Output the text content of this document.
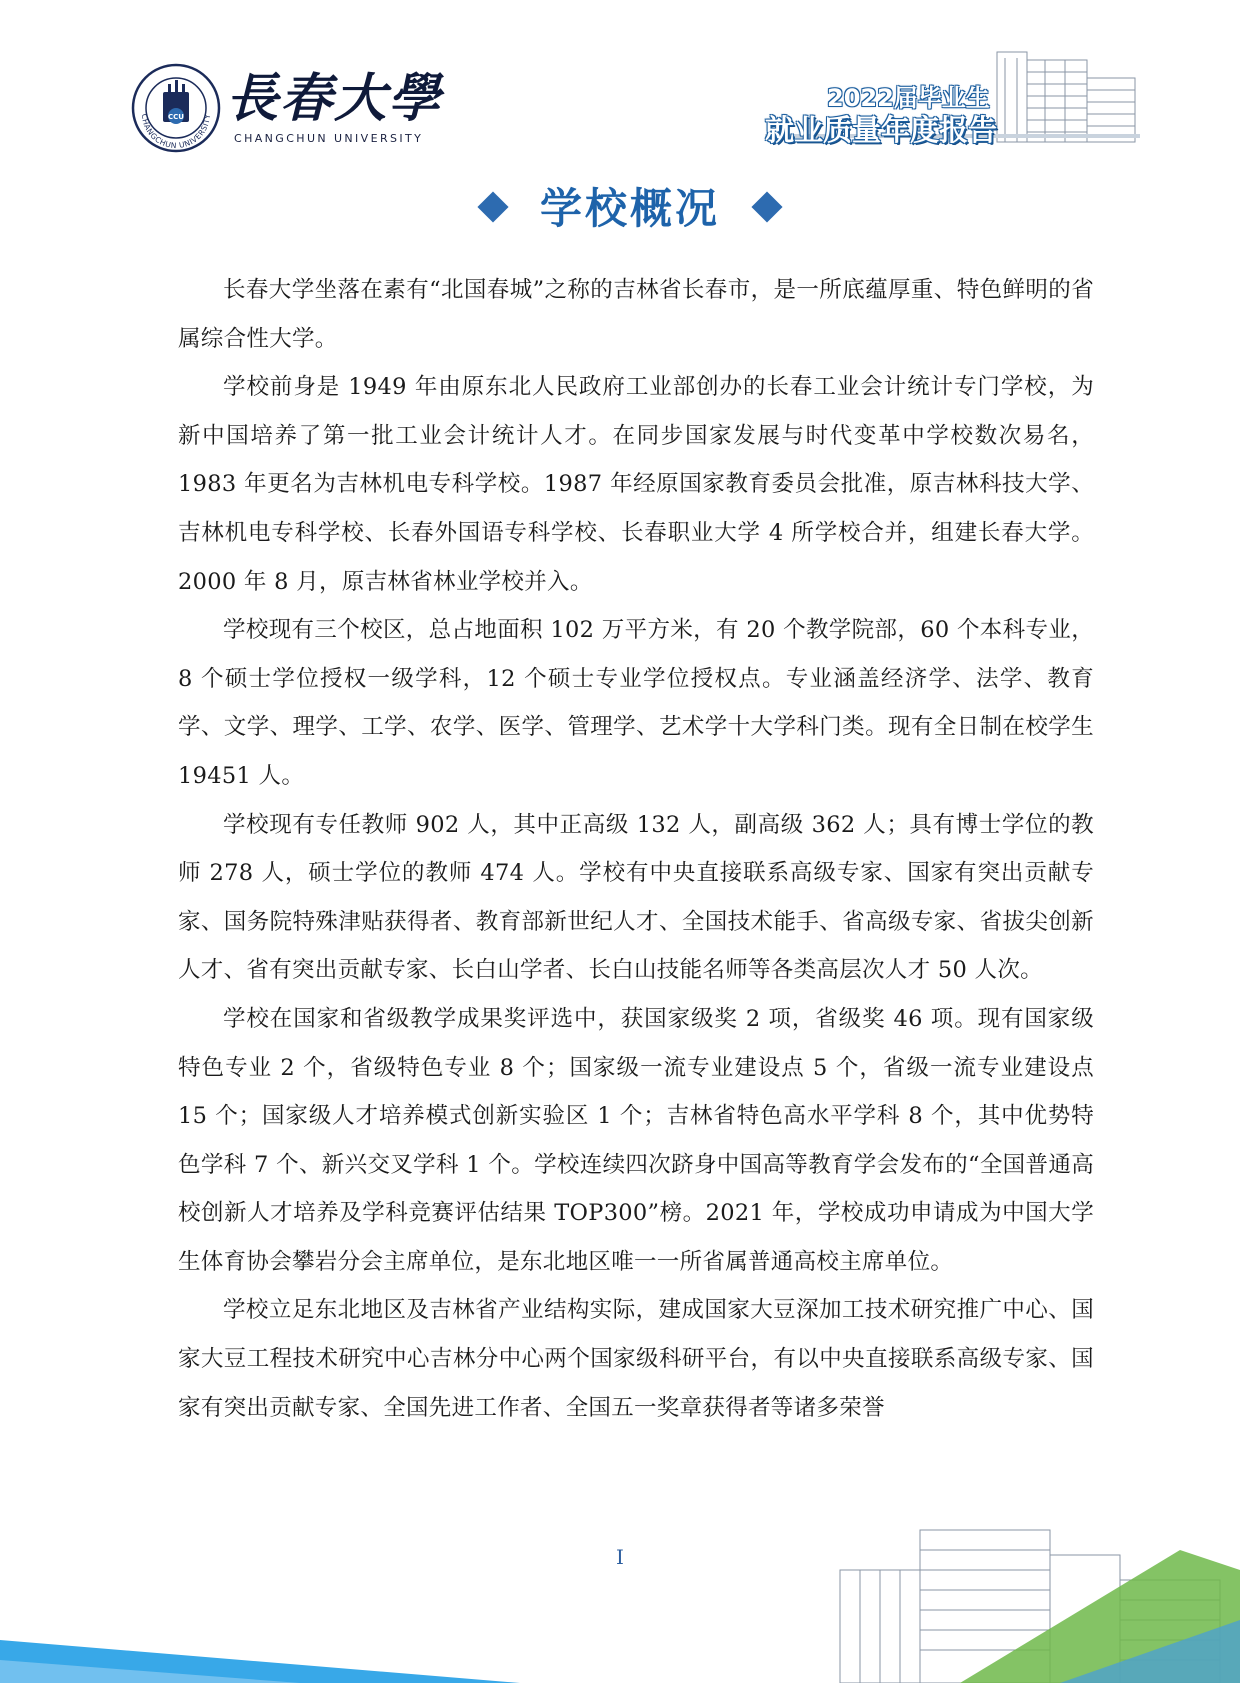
CHANGCHUN UNIVERSITY
CCU 長春大學
CHANGCHUN UNIVERSITY
2022届毕业生
就业质量年度报告
学校概况

长春大学坐落在素有“北国春城”之称的吉林省长春市，是一所底蕴厚重、特色鲜明的省属综合性大学。

学校前身是 1949 年由原东北人民政府工业部创办的长春工业会计统计专门学校，为新中国培养了第一批工业会计统计人才。在同步国家发展与时代变革中学校数次易名，1983 年更名为吉林机电专科学校。1987 年经原国家教育委员会批准，原吉林科技大学、吉林机电专科学校、长春外国语专科学校、长春职业大学 4 所学校合并，组建长春大学。2000 年 8 月，原吉林省林业学校并入。

学校现有三个校区，总占地面积 102 万平方米，有 20 个教学院部，60 个本科专业，8 个硕士学位授权一级学科，12 个硕士专业学位授权点。专业涵盖经济学、法学、教育学、文学、理学、工学、农学、医学、管理学、艺术学十大学科门类。现有全日制在校学生 19451 人。

学校现有专任教师 902 人，其中正高级 132 人，副高级 362 人；具有博士学位的教师 278 人，硕士学位的教师 474 人。学校有中央直接联系高级专家、国家有突出贡献专家、国务院特殊津贴获得者、教育部新世纪人才、全国技术能手、省高级专家、省拔尖创新人才、省有突出贡献专家、长白山学者、长白山技能名师等各类高层次人才 50 人次。

学校在国家和省级教学成果奖评选中，获国家级奖 2 项，省级奖 46 项。现有国家级特色专业 2 个，省级特色专业 8 个；国家级一流专业建设点 5 个，省级一流专业建设点 15 个；国家级人才培养模式创新实验区 1 个；吉林省特色高水平学科 8 个，其中优势特色学科 7 个、新兴交叉学科 1 个。学校连续四次跻身中国高等教育学会发布的“全国普通高校创新人才培养及学科竞赛评估结果 TOP300”榜。2021 年，学校成功申请成为中国大学生体育协会攀岩分会主席单位，是东北地区唯一一所省属普通高校主席单位。

学校立足东北地区及吉林省产业结构实际，建成国家大豆深加工技术研究推广中心、国家大豆工程技术研究中心吉林分中心两个国家级科研平台，有以中央直接联系高级专家、国家有突出贡献专家、全国先进工作者、全国五一奖章获得者等诸多荣誉

I
